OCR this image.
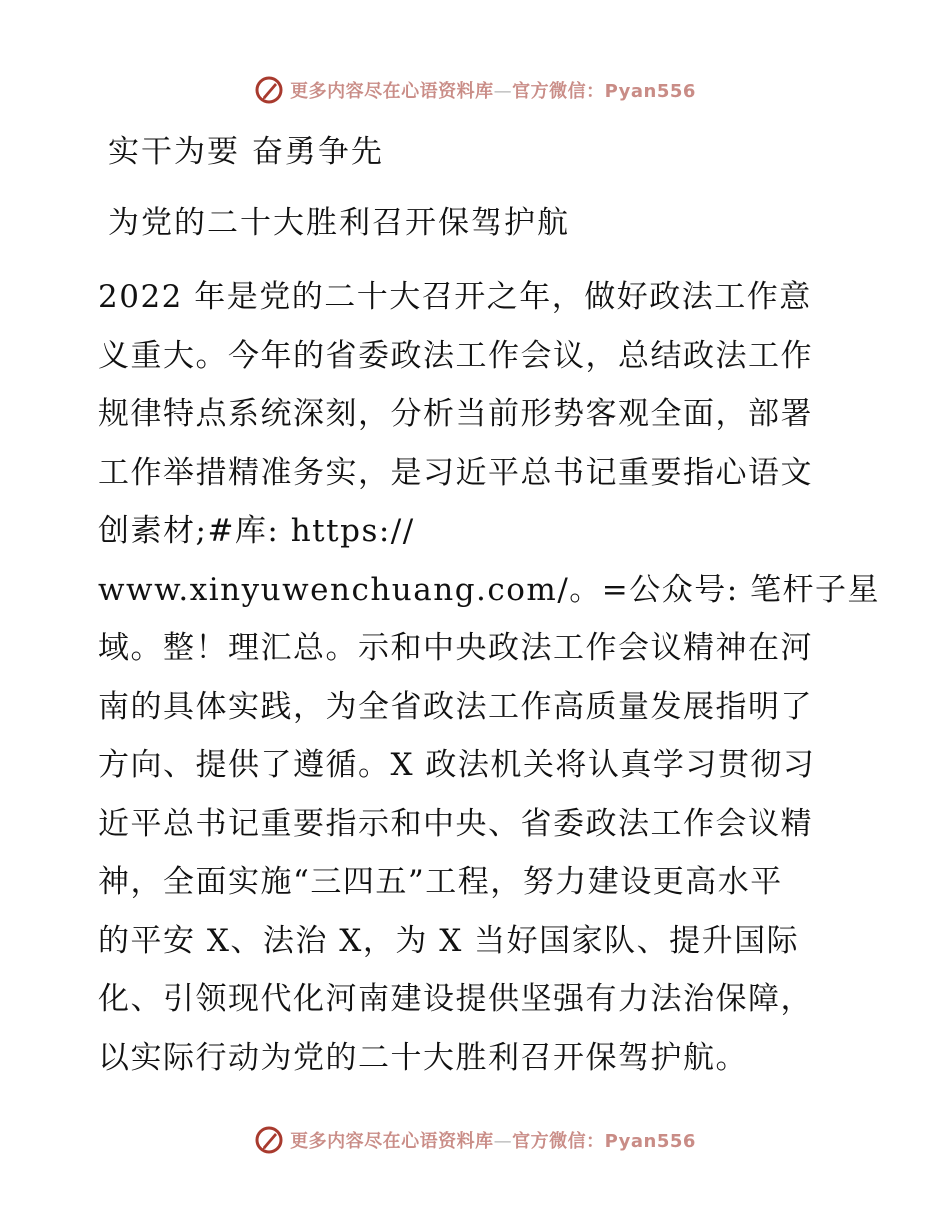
更多内容尽在心语资料库—官方微信：Pyan556
实干为要 奋勇争先
为党的二十大胜利召开保驾护航
2022 年是党的二十大召开之年，做好政法工作意
义重大。今年的省委政法工作会议，总结政法工作
规律特点系统深刻，分析当前形势客观全面，部署
工作举措精准务实，是习近平总书记重要指心语文
创素材;#库: https://
www.xinyuwenchuang.com/。=公众号: 笔杆子星
域。整！理汇总。示和中央政法工作会议精神在河
南的具体实践，为全省政法工作高质量发展指明了
方向、提供了遵循。X 政法机关将认真学习贯彻习
近平总书记重要指示和中央、省委政法工作会议精
神，全面实施“三四五”工程，努力建设更高水平
的平安 X、法治 X，为 X 当好国家队、提升国际
化、引领现代化河南建设提供坚强有力法治保障，
以实际行动为党的二十大胜利召开保驾护航。
更多内容尽在心语资料库—官方微信：Pyan556
